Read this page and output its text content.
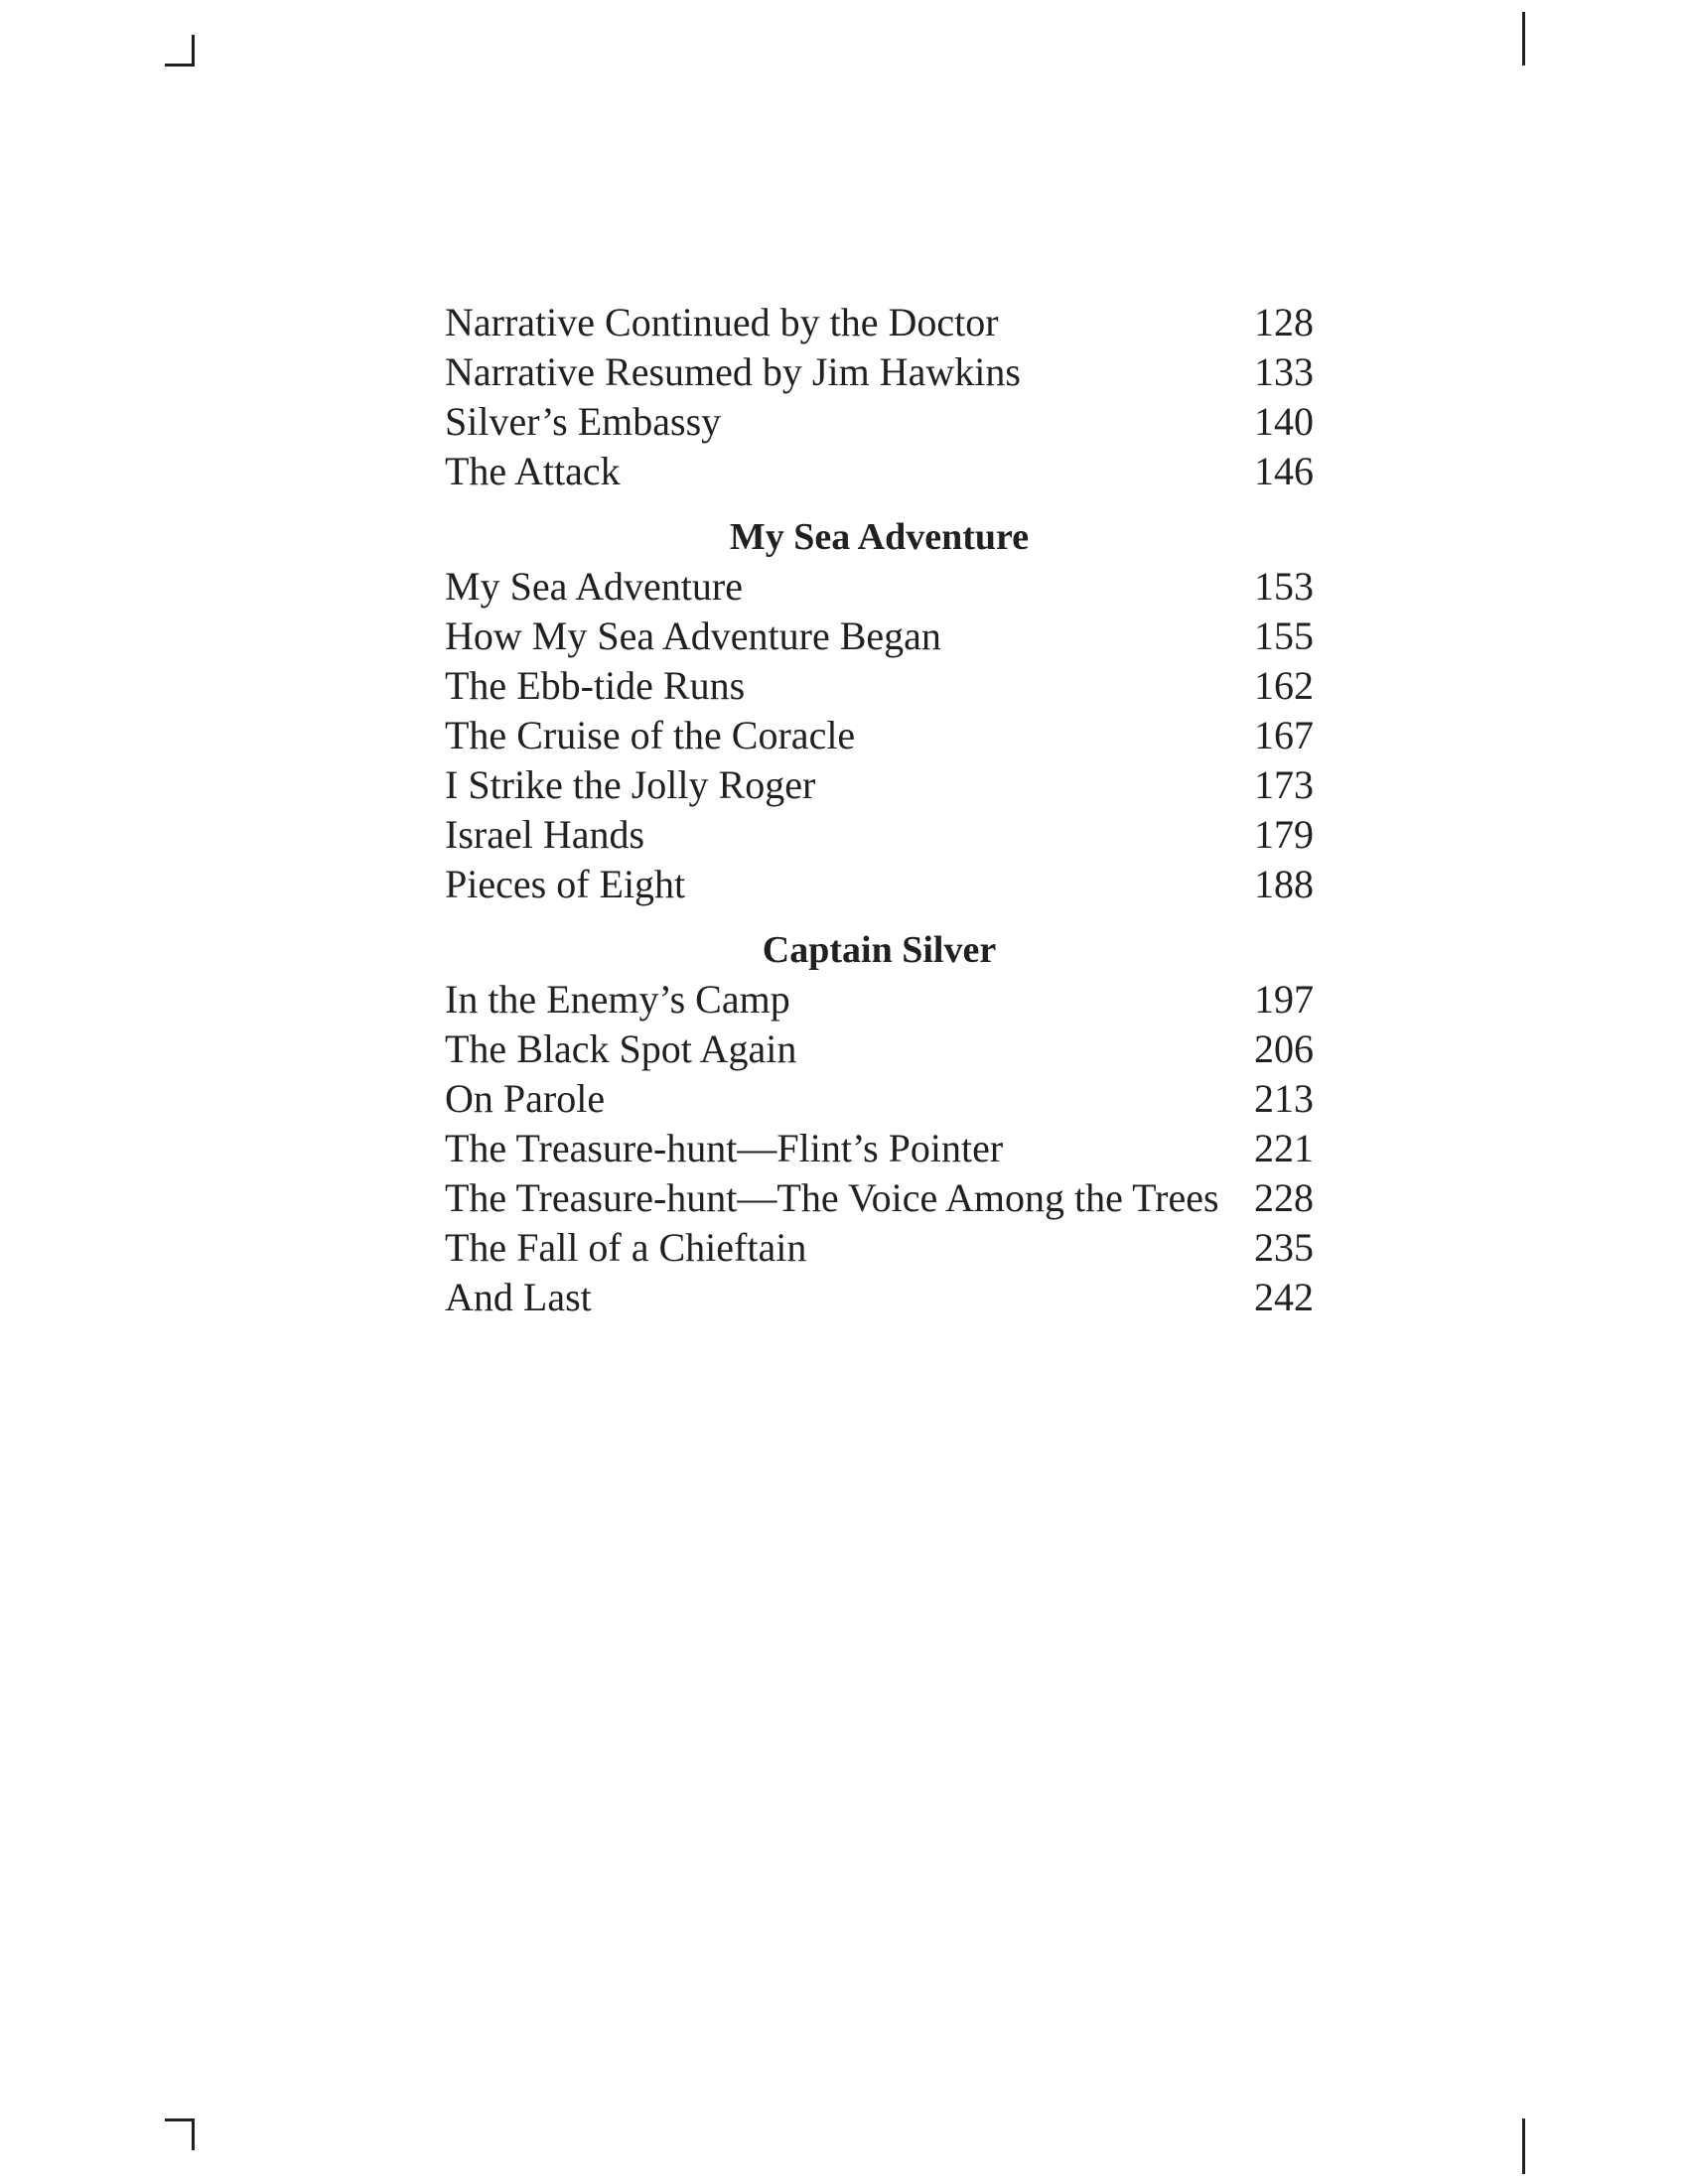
Narrative Continued by the Doctor	128
Narrative Resumed by Jim Hawkins	133
Silver’s Embassy	140
The Attack	146
My Sea Adventure
My Sea Adventure	153
How My Sea Adventure Began	155
The Ebb-tide Runs	162
The Cruise of the Coracle	167
I Strike the Jolly Roger	173
Israel Hands	179
Pieces of Eight	188
Captain Silver
In the Enemy’s Camp	197
The Black Spot Again	206
On Parole	213
The Treasure-hunt—Flint’s Pointer	221
The Treasure-hunt—The Voice Among the Trees 228
The Fall of a Chieftain	235
And Last	242
